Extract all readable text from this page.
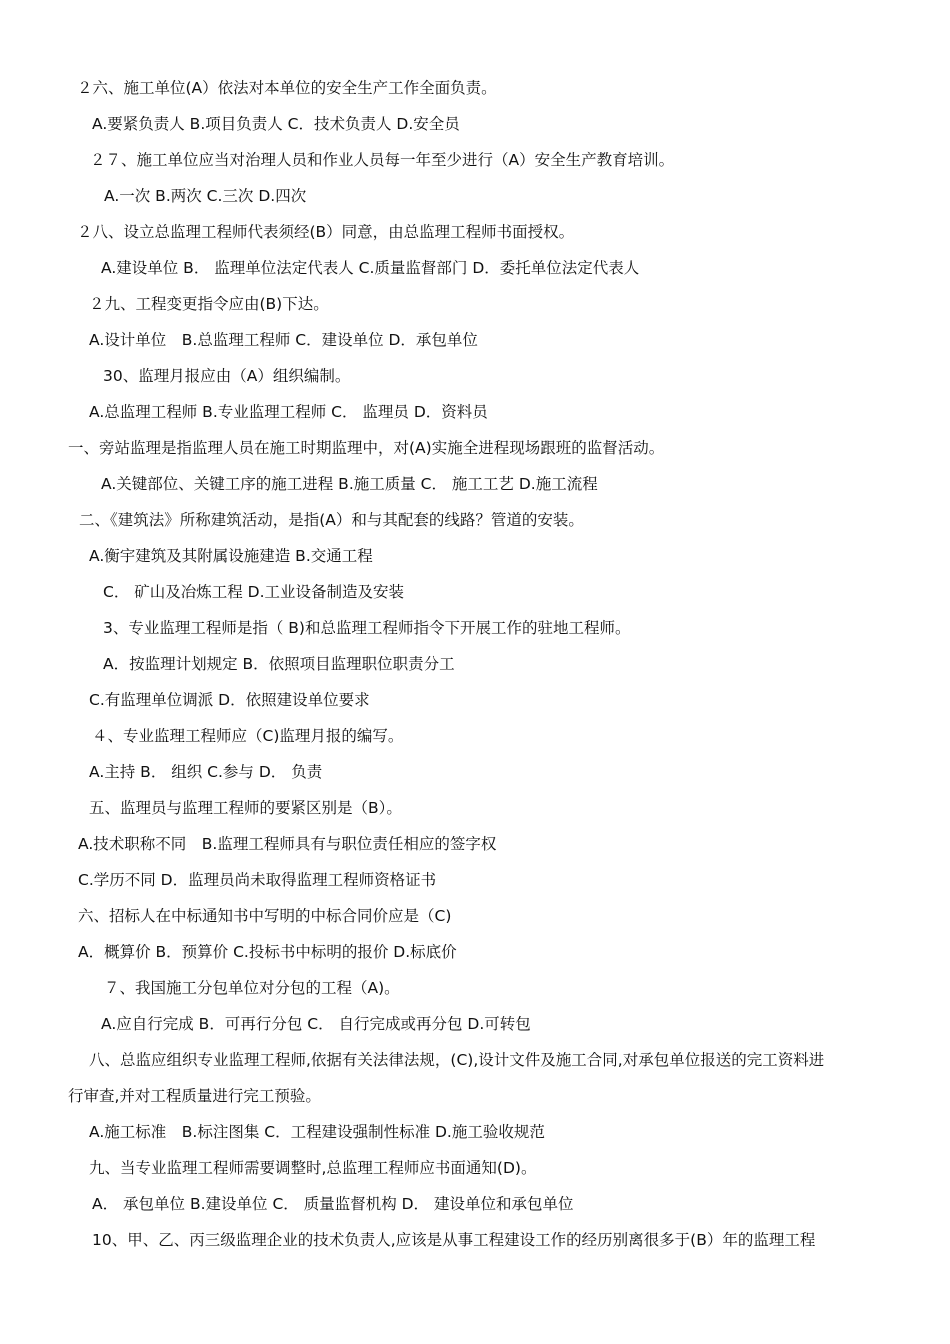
２六、施工单位(A）依法对本单位的安全生产工作全面负责。
A.要紧负责人 B.项目负责人 C．技术负责人 D.安全员
２７、施工单位应当对治理人员和作业人员每一年至少进行（A）安全生产教育培训。
A.一次 B.两次 C.三次 D.四次
２八、设立总监理工程师代表须经(B）同意，由总监理工程师书面授权。
A.建设单位 B． 监理单位法定代表人 C.质量监督部门 D．委托单位法定代表人
２九、工程变更指令应由(B)下达。
A.设计单位　B.总监理工程师 C．建设单位 D．承包单位
30、监理月报应由（A）组织编制。
A.总监理工程师 B.专业监理工程师 C． 监理员 D．资料员
一、旁站监理是指监理人员在施工时期监理中，对(A)实施全进程现场跟班的监督活动。
A.关键部位、关键工序的施工进程 B.施工质量 C． 施工工艺 D.施工流程
二、《建筑法》所称建筑活动，是指(A）和与其配套的线路？管道的安装。
A.衡宇建筑及其附属设施建造 B.交通工程
C． 矿山及冶炼工程 D.工业设备制造及安装
3、专业监理工程师是指（ B)和总监理工程师指令下开展工作的驻地工程师。
A．按监理计划规定 B．依照项目监理职位职责分工
C.有监理单位调派 D．依照建设单位要求
４、专业监理工程师应（C)监理月报的编写。
A.主持 B． 组织 C.参与 D． 负责
五、监理员与监理工程师的要紧区别是（B）。
A.技术职称不同　B.监理工程师具有与职位责任相应的签字权
C.学历不同 D．监理员尚未取得监理工程师资格证书
六、招标人在中标通知书中写明的中标合同价应是（C)
A．概算价 B．预算价 C.投标书中标明的报价 D.标底价
７、我国施工分包单位对分包的工程（A)。
A.应自行完成 B．可再行分包 C． 自行完成或再分包 D.可转包
八、总监应组织专业监理工程师,依据有关法律法规，(C),设计文件及施工合同,对承包单位报送的完工资料进
行审查,并对工程质量进行完工预验。
A.施工标准　B.标注图集 C．工程建设强制性标准 D.施工验收规范
九、当专业监理工程师需要调整时,总监理工程师应书面通知(D)。
A． 承包单位 B.建设单位 C． 质量监督机构 D． 建设单位和承包单位
10、甲、乙、丙三级监理企业的技术负责人,应该是从事工程建设工作的经历别离很多于(B）年的监理工程
